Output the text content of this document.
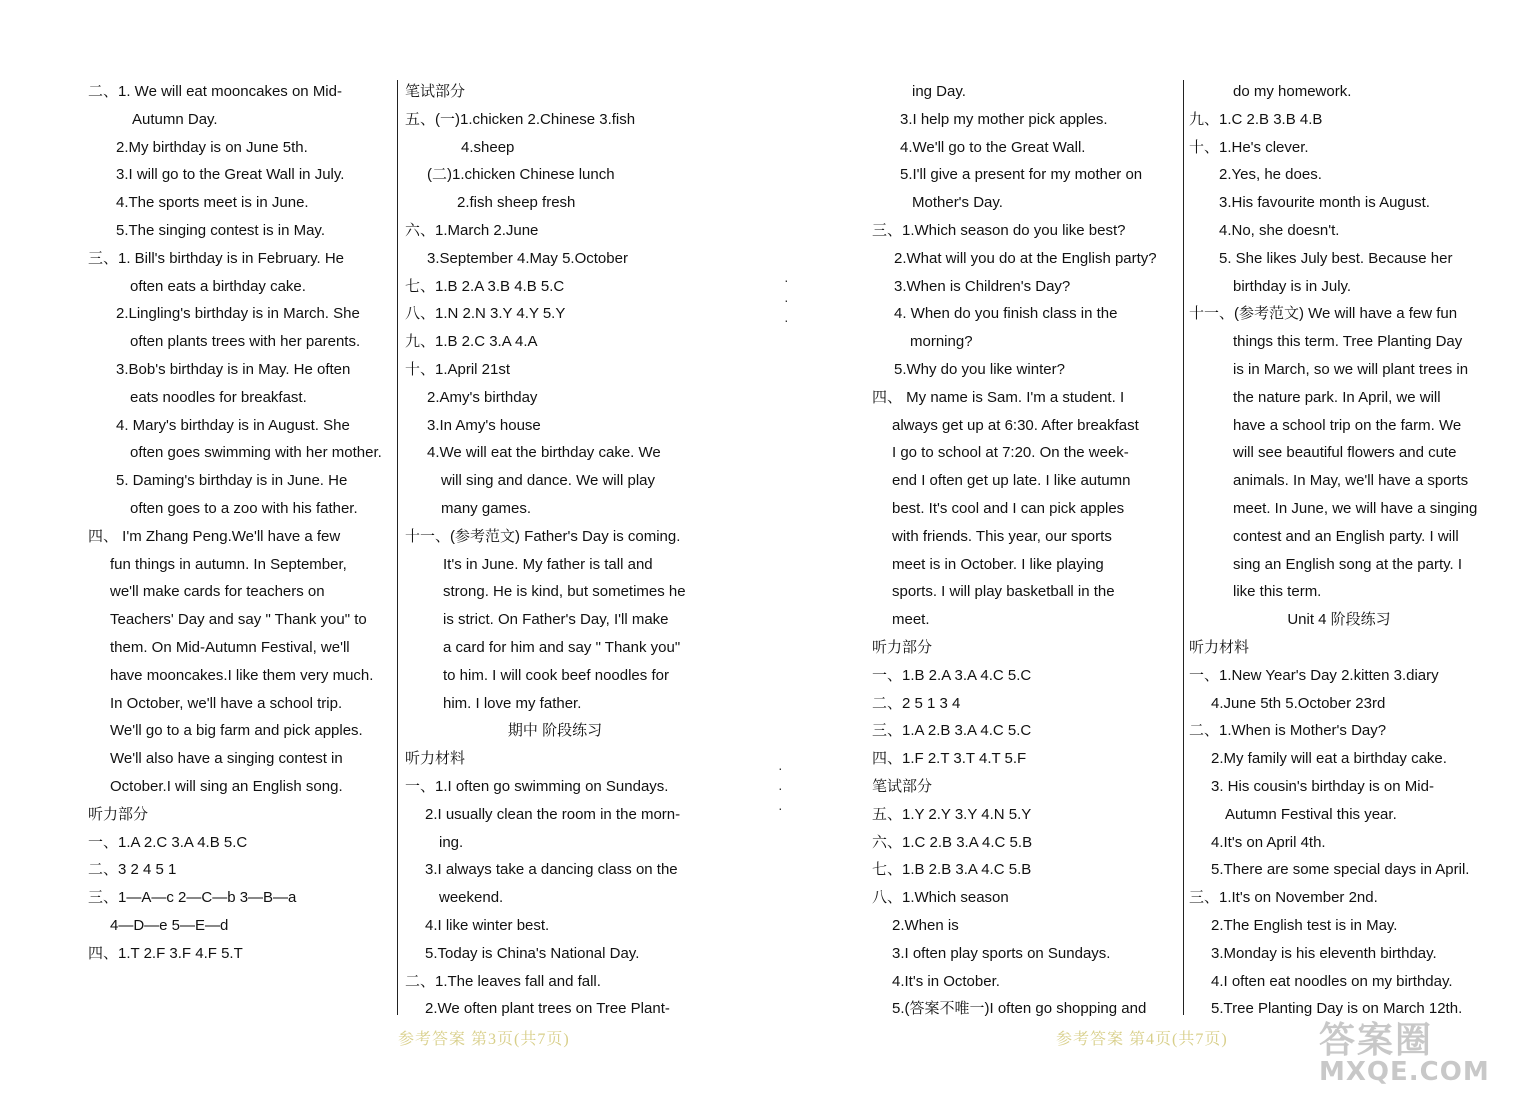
二、1. We will eat mooncakes on Mid-
Autumn Day.
2.My birthday is on June 5th.
3.I will go to the Great Wall in July.
4.The sports meet is in June.
5.The singing contest is in May.
三、1. Bill's birthday is in February. He
often eats a birthday cake.
2.Lingling's birthday is in March. She
often plants trees with her parents.
3.Bob's birthday is in May. He often
eats noodles for breakfast.
4. Mary's birthday is in August. She
often goes swimming with her mother.
5. Daming's birthday is in June. He
often goes to a zoo with his father.
四、 I'm Zhang Peng.We'll have a few
fun things in autumn. In September,
we'll make cards for teachers on
Teachers' Day and say " Thank you" to
them. On Mid-Autumn Festival, we'll
have mooncakes.I like them very much.
In October, we'll have a school trip.
We'll go to a big farm and pick apples.
We'll also have a singing contest in
October.I will sing an English song.
听力部分
一、1.A 2.C 3.A 4.B 5.C
二、3 2 4 5 1
三、1—A—c 2—C—b 3—B—a
4—D—e 5—E—d
四、1.T 2.F 3.F 4.F 5.T
笔试部分
五、(一)1.chicken 2.Chinese 3.fish
4.sheep
(二)1.chicken Chinese lunch
2.fish sheep fresh
六、1.March 2.June
3.September 4.May 5.October
七、1.B 2.A 3.B 4.B 5.C
八、1.N 2.N 3.Y 4.Y 5.Y
九、1.B 2.C 3.A 4.A
十、1.April 21st
2.Amy's birthday
3.In Amy's house
4.We will eat the birthday cake. We
will sing and dance. We will play
many games.
十一、(参考范文) Father's Day is coming.
It's in June. My father is tall and
strong. He is kind, but sometimes he
is strict. On Father's Day, I'll make
a card for him and say " Thank you"
to him. I will cook beef noodles for
him. I love my father.
期中 阶段练习
听力材料
一、1.I often go swimming on Sundays.
2.I usually clean the room in the morn-
ing.
3.I always take a dancing class on the
weekend.
4.I like winter best.
5.Today is China's National Day.
二、1.The leaves fall and fall.
2.We often plant trees on Tree Plant-
·
·
·
·
·
·
ing Day.
3.I help my mother pick apples.
4.We'll go to the Great Wall.
5.I'll give a present for my mother on
Mother's Day.
三、1.Which season do you like best?
2.What will you do at the English party?
3.When is Children's Day?
4. When do you finish class in the
morning?
5.Why do you like winter?
四、 My name is Sam. I'm a student. I
always get up at 6:30. After breakfast
I go to school at 7:20. On the week-
end I often get up late. I like autumn
best. It's cool and I can pick apples
with friends. This year, our sports
meet is in October. I like playing
sports. I will play basketball in the
meet.
听力部分
一、1.B 2.A 3.A 4.C 5.C
二、2 5 1 3 4
三、1.A 2.B 3.A 4.C 5.C
四、1.F 2.T 3.T 4.T 5.F
笔试部分
五、1.Y 2.Y 3.Y 4.N 5.Y
六、1.C 2.B 3.A 4.C 5.B
七、1.B 2.B 3.A 4.C 5.B
八、1.Which season
2.When is
3.I often play sports on Sundays.
4.It's in October.
5.(答案不唯一)I often go shopping and
do my homework.
九、1.C 2.B 3.B 4.B
十、1.He's clever.
2.Yes, he does.
3.His favourite month is August.
4.No, she doesn't.
5. She likes July best. Because her
birthday is in July.
十一、(参考范文) We will have a few fun
things this term. Tree Planting Day
is in March, so we will plant trees in
the nature park. In April, we will
have a school trip on the farm. We
will see beautiful flowers and cute
animals. In May, we'll have a sports
meet. In June, we will have a singing
contest and an English party. I will
sing an English song at the party. I
like this term.
Unit 4 阶段练习
听力材料
一、1.New Year's Day 2.kitten 3.diary
4.June 5th 5.October 23rd
二、1.When is Mother's Day?
2.My family will eat a birthday cake.
3. His cousin's birthday is on Mid-
Autumn Festival this year.
4.It's on April 4th.
5.There are some special days in April.
三、1.It's on November 2nd.
2.The English test is in May.
3.Monday is his eleventh birthday.
4.I often eat noodles on my birthday.
5.Tree Planting Day is on March 12th.
参考答案 第3页(共7页)	参考答案 第4页(共7页)	答案圈
MXQE.COM
